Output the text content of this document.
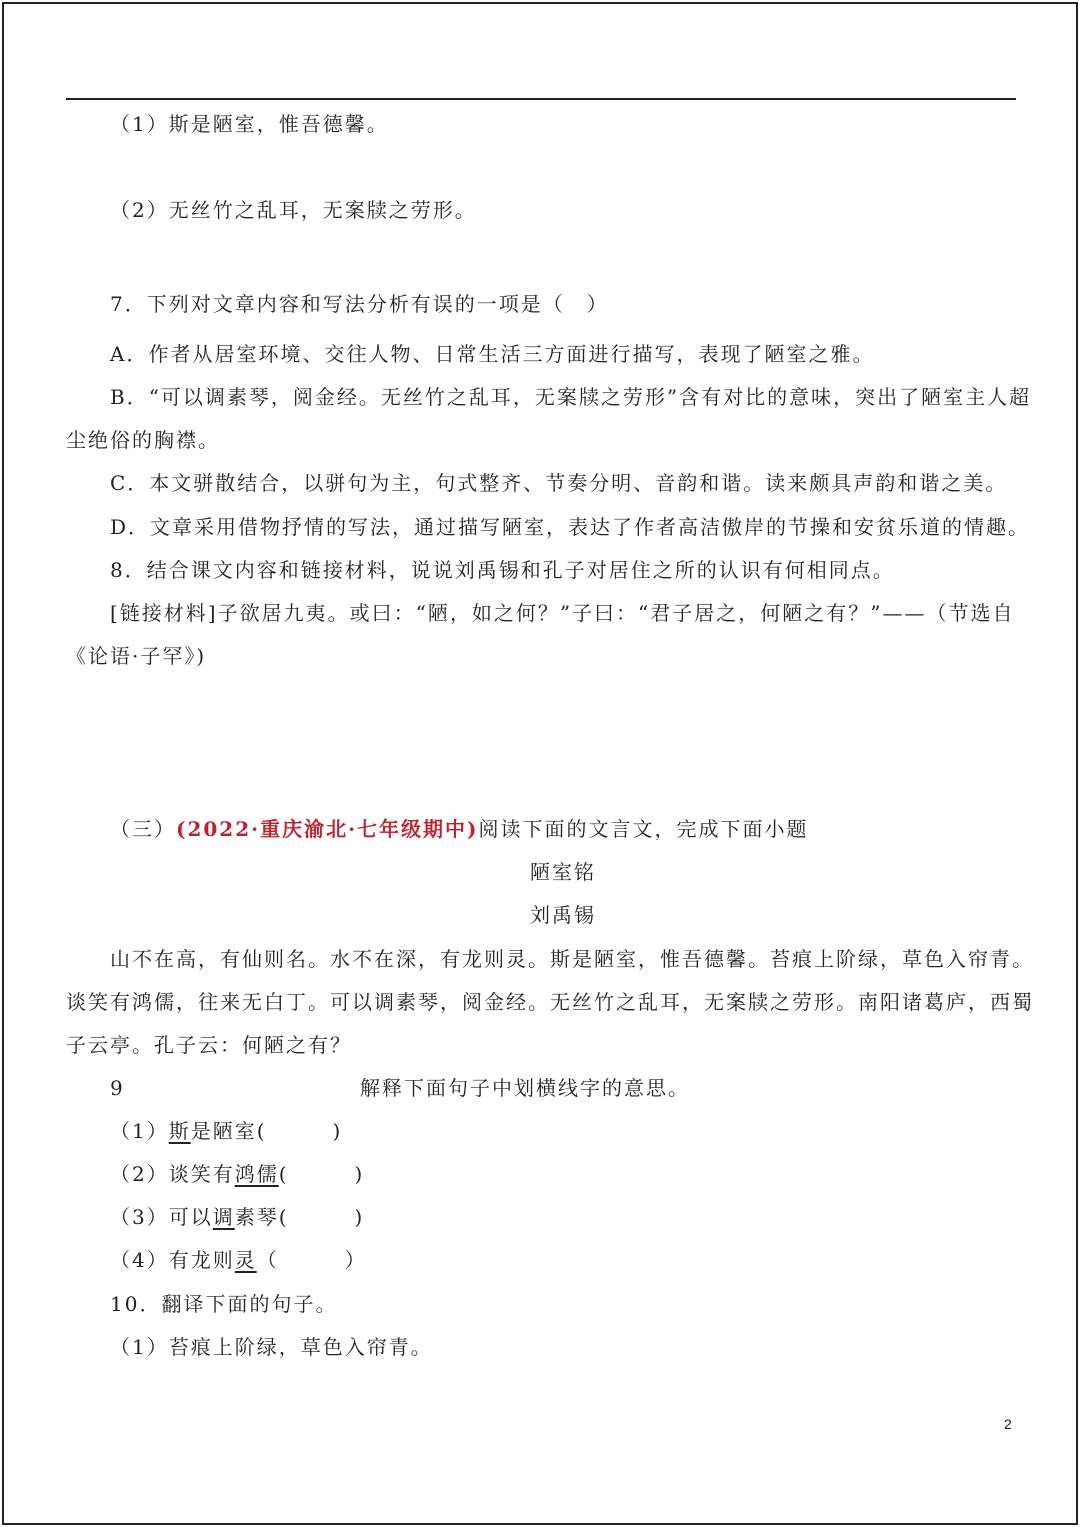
（1）斯是陋室，惟吾德馨。
（2）无丝竹之乱耳，无案牍之劳形。
7．下列对文章内容和写法分析有误的一项是（　）
A．作者从居室环境、交往人物、日常生活三方面进行描写，表现了陋室之雅。
B．“可以调素琴，阅金经。无丝竹之乱耳，无案牍之劳形”含有对比的意味，突出了陋室主人超
尘绝俗的胸襟。
C．本文骈散结合，以骈句为主，句式整齐、节奏分明、音韵和谐。读来颇具声韵和谐之美。
D．文章采用借物抒情的写法，通过描写陋室，表达了作者高洁傲岸的节操和安贫乐道的情趣。
8．结合课文内容和链接材料，说说刘禹锡和孔子对居住之所的认识有何相同点。
[链接材料]子欲居九夷。或曰：“陋，如之何？”子曰：“君子居之，何陋之有？”——（节选自
《论语·子罕》)
（三）(2022·重庆渝北·七年级期中)阅读下面的文言文，完成下面小题
陋室铭
刘禹锡
山不在高，有仙则名。水不在深，有龙则灵。斯是陋室，惟吾德馨。苔痕上阶绿，草色入帘青。
谈笑有鸿儒，往来无白丁。可以调素琴，阅金经。无丝竹之乱耳，无案牍之劳形。南阳诸葛庐，西蜀
子云亭。孔子云：何陋之有？
9	解释下面句子中划横线字的意思。
（1）斯是陋室(　　　)
（2）谈笑有鸿儒(　　　)
（3）可以调素琴(　　　)
（4）有龙则灵（　　　）
10．翻译下面的句子。
（1）苔痕上阶绿，草色入帘青。
2
